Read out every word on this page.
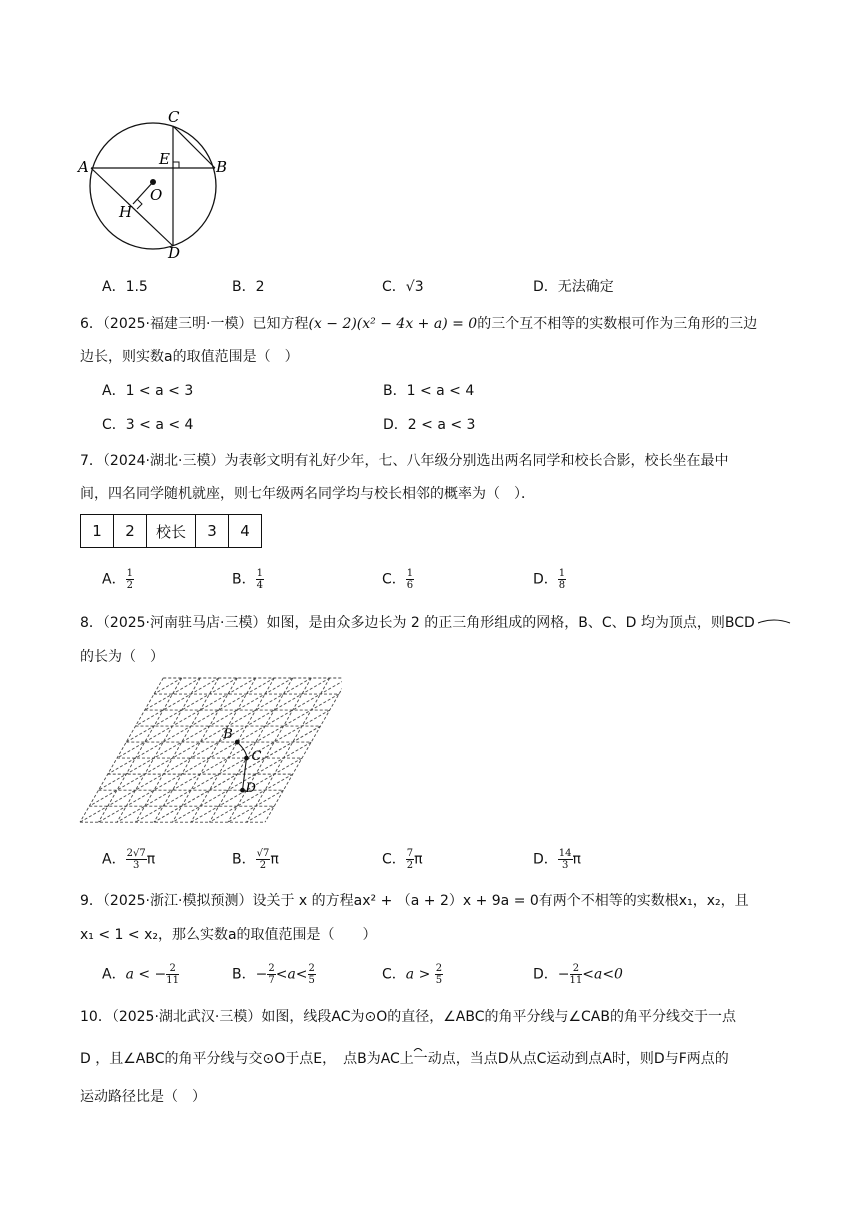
A	B
C
D
E
O
H
A．1.5	B．2	C．√3	D．无法确定
6．（2025·福建三明·一模）已知方程(x − 2)(x² − 4x + a) = 0的三个互不相等的实数根可作为三角形的三边
边长，则实数a的取值范围是（　）
A．1 < a < 3	B．1 < a < 4
C．3 < a < 4	D．2 < a < 3
7．（2024·湖北·三模）为表彰文明有礼好少年，七、八年级分别选出两名同学和校长合影，校长坐在最中
间，四名同学随机就座，则七年级两名同学均与校长相邻的概率为（　）．
1	2	校长	3	4
A． $\frac{1}{2}$	B． $\frac{1}{4}$	C． $\frac{1}{6}$	D． $\frac{1}{8}$
8．（2025·河南驻马店·三模）如图，是由众多边长为 2 的正三角形组成的网格，B、C、D 均为顶点，则BCD
的长为（　）
B
C
D
A． $\frac{2√7}{3}$ π	B． $\frac{√7}{2}$ π	C． $\frac{7}{2}$ π	D． $\frac{14}{3}$ π
9．（2025·浙江·模拟预测）设关于 x 的方程ax² + （a + 2）x + 9a = 0有两个不相等的实数根x₁，x₂，且
x₁ < 1 < x₂，那么实数a的取值范围是（　　）
A．a < − $\frac{2}{11}$	B．− $\frac{2}{7} <a< \frac{2}{5}$	C．$a > \frac{2}{5}$	D．− $\frac{2}{11} <a<0$
10．（2025·湖北武汉·三模）如图，线段AC为⊙O的直径，∠ABC的角平分线与∠CAB的角平分线交于一点
D ，且∠ABC的角平分线与交⊙O于点E，　点B为AC上一动点，当点D从点C运动到点A时，则D与F两点的
运动路径比是（　）
